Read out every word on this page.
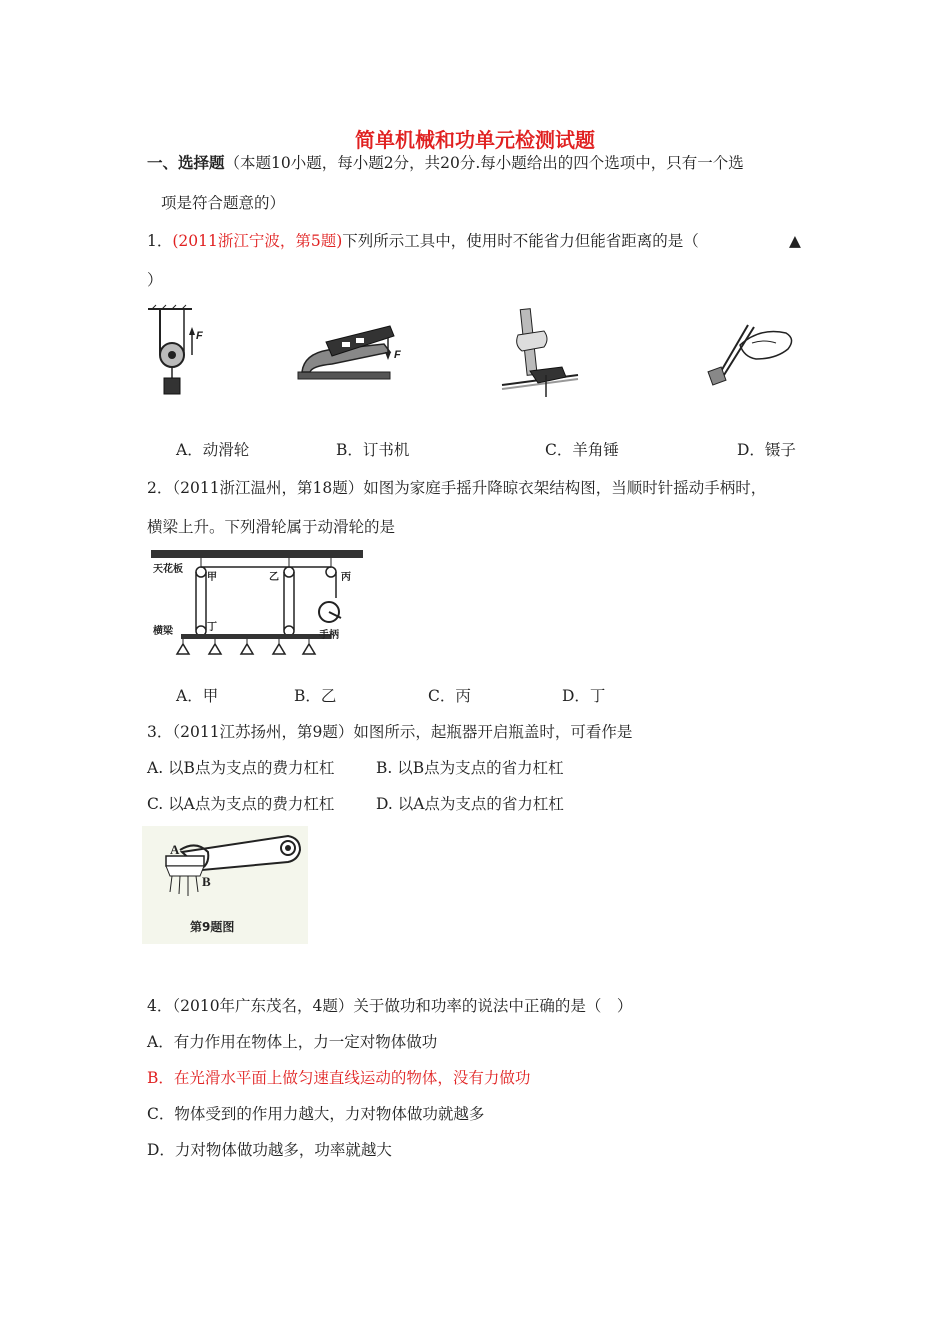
简单机械和功单元检测试题
一、选择题（本题10小题，每小题2分，共20分.每小题给出的四个选项中，只有一个选
项是符合题意的）
1．(2011浙江宁波，第5题)下列所示工具中，使用时不能省力但能省距离的是（	▲
）
F
F
A．动滑轮	B．订书机	C．羊角锤	D．镊子
2．（2011浙江温州，第18题）如图为家庭手摇升降晾衣架结构图，当顺时针摇动手柄时，
横梁上升。下列滑轮属于动滑轮的是
天花板
横梁
甲	乙	丙
丁
手柄
A．甲	B．乙	C．丙	D．丁
3．（2011江苏扬州，第9题）如图所示，起瓶器开启瓶盖时，可看作是
A. 以B点为支点的费力杠杠	B. 以B点为支点的省力杠杠
C. 以A点为支点的费力杠杠	D. 以A点为支点的省力杠杠
A
B
第9题图
4．（2010年广东茂名，4题）关于做功和功率的说法中正确的是（　）
A．有力作用在物体上，力一定对物体做功
B．在光滑水平面上做匀速直线运动的物体，没有力做功
C．物体受到的作用力越大，力对物体做功就越多
D．力对物体做功越多，功率就越大
